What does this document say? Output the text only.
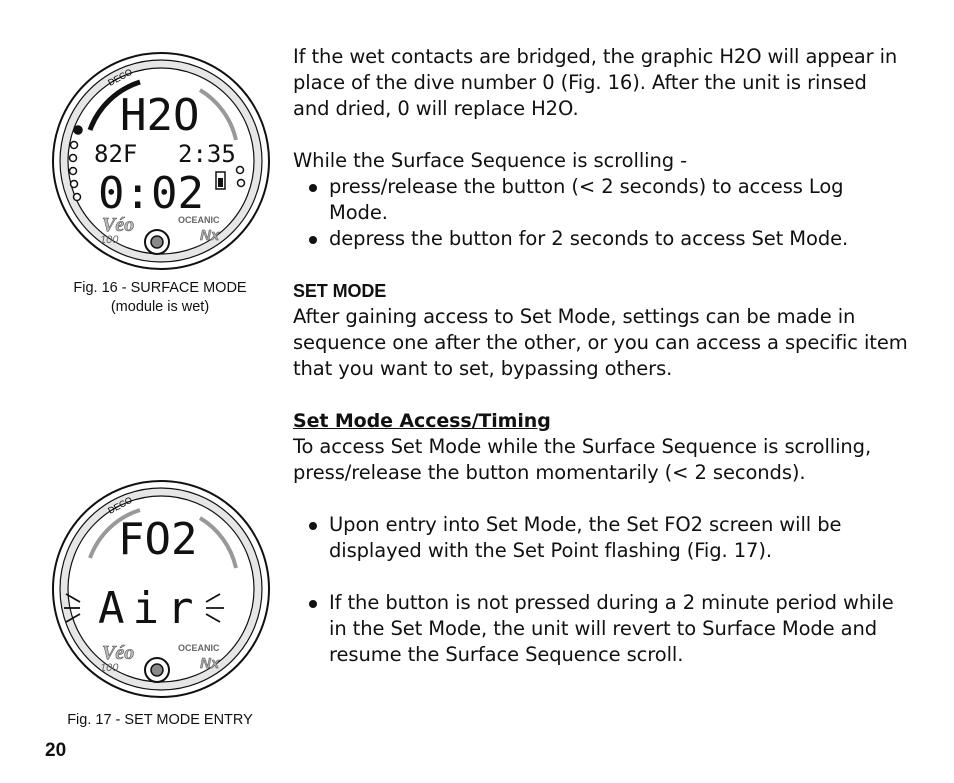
DECO
H2O
82F 2:35
0:02
Véo
100
OCEANIC
Nx
Fig. 16 - SURFACE MODE
(module is wet)
DECO
FO2
Air
Véo
100
OCEANIC
Nx
Fig. 17 - SET MODE ENTRY

If the wet contacts are bridged, the graphic H2O will appear in place of the dive number 0 (Fig. 16). After the unit is rinsed and dried, 0 will replace H2O.

While the Surface Sequence is scrolling -

press/release the button (< 2 seconds) to access Log Mode.
depress the button for 2 seconds to access Set Mode.

SET MODE

After gaining access to Set Mode, settings can be made in sequence one after the other, or you can access a specific item that you want to set, bypassing others.

Set Mode Access/Timing

To access Set Mode while the Surface Sequence is scrolling, press/release the button momentarily (< 2 seconds).

Upon entry into Set Mode, the Set FO2 screen will be displayed with the Set Point flashing (Fig. 17).
If the button is not pressed during a 2 minute period while in the Set Mode, the unit will revert to Surface Mode and resume the Surface Sequence scroll.
20
